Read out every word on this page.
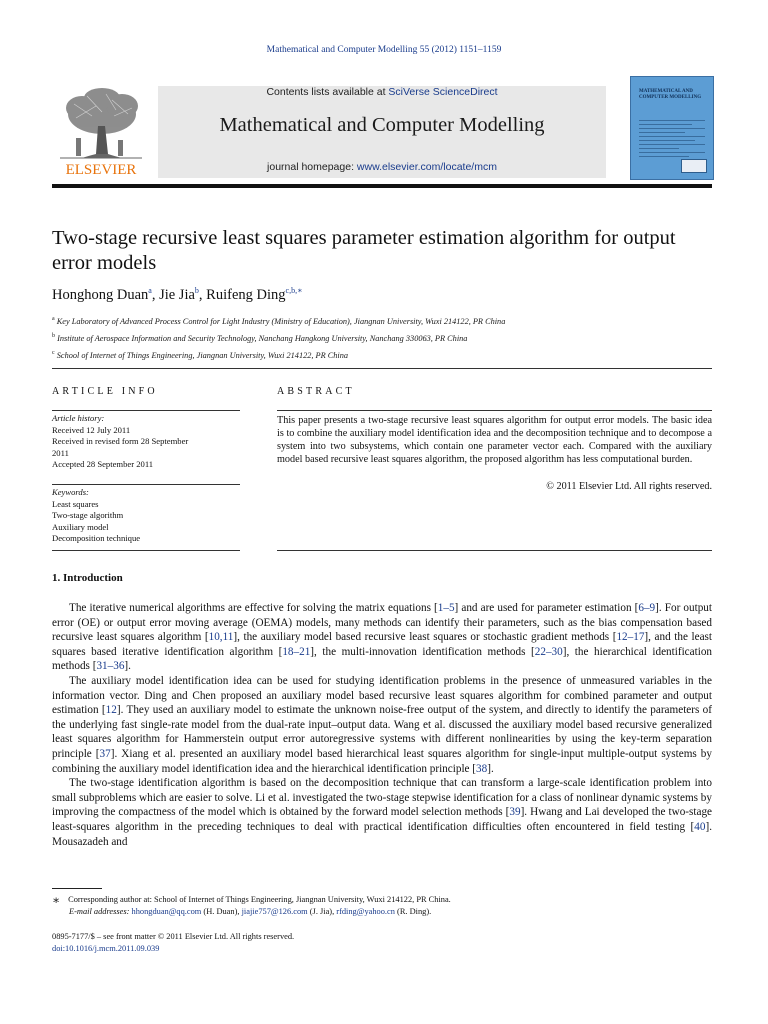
Mathematical and Computer Modelling 55 (2012) 1151–1159
ELSEVIER
Contents lists available at SciVerse ScienceDirect
Mathematical and Computer Modelling
journal homepage: www.elsevier.com/locate/mcm
MATHEMATICAL AND COMPUTER MODELLING
Two-stage recursive least squares parameter estimation algorithm for output error models
Honghong Duan$^a$, Jie Jia$^b$, Ruifeng Ding$^{c,b,∗}$
$^a$ Key Laboratory of Advanced Process Control for Light Industry (Ministry of Education), Jiangnan University, Wuxi 214122, PR China
$^b$ Institute of Aerospace Information and Security Technology, Nanchang Hangkong University, Nanchang 330063, PR China
$^c$ School of Internet of Things Engineering, Jiangnan University, Wuxi 214122, PR China
ARTICLE INFO
Article history:
Received 12 July 2011
Received in revised form 28 September
2011
Accepted 28 September 2011
Keywords:
Least squares
Two-stage algorithm
Auxiliary model
Decomposition technique
ABSTRACT
This paper presents a two-stage recursive least squares algorithm for output error models. The basic idea is to combine the auxiliary model identification idea and the decomposition technique and to decompose a system into two subsystems, which contain one parameter vector each. Compared with the auxiliary model based recursive least squares algorithm, the proposed algorithm has less computational burden.
© 2011 Elsevier Ltd. All rights reserved.
1. Introduction

The iterative numerical algorithms are effective for solving the matrix equations [1–5] and are used for parameter estimation [6–9]. For output error (OE) or output error moving average (OEMA) models, many methods can identify their parameters, such as the bias compensation based recursive least squares algorithm [10,11], the auxiliary model based recursive least squares or stochastic gradient methods [12–17], and the least squares based iterative identification algorithm [18–21], the multi-innovation identification methods [22–30], the hierarchical identification methods [31–36].

The auxiliary model identification idea can be used for studying identification problems in the presence of unmeasured variables in the information vector. Ding and Chen proposed an auxiliary model based recursive least squares algorithm for combined parameter and output estimation [12]. They used an auxiliary model to estimate the unknown noise-free output of the system, and directly to identify the parameters of the underlying fast single-rate model from the dual-rate input–output data. Wang et al. discussed the auxiliary model based recursive generalized least squares algorithm for Hammerstein output error autoregressive systems with different nonlinearities by using the key-term separation principle [37]. Xiang et al. presented an auxiliary model based hierarchical least squares algorithm for single-input multiple-output systems by combining the auxiliary model identification idea and the hierarchical identification principle [38].

The two-stage identification algorithm is based on the decomposition technique that can transform a large-scale identification problem into small subproblems which are easier to solve. Li et al. investigated the two-stage stepwise identification for a class of nonlinear dynamic systems by improving the compactness of the model which is obtained by the forward model selection methods [39]. Hwang and Lai developed the two-stage least-squares algorithm in the preceding techniques to deal with practical identification difficulties often encountered in field testing [40]. Mousazadeh and

∗ Corresponding author at: School of Internet of Things Engineering, Jiangnan University, Wuxi 214122, PR China.
E-mail addresses: hhongduan@qq.com (H. Duan), jiajie757@126.com (J. Jia), rfding@yahoo.cn (R. Ding).
0895-7177/$ – see front matter © 2011 Elsevier Ltd. All rights reserved.
doi:10.1016/j.mcm.2011.09.039
